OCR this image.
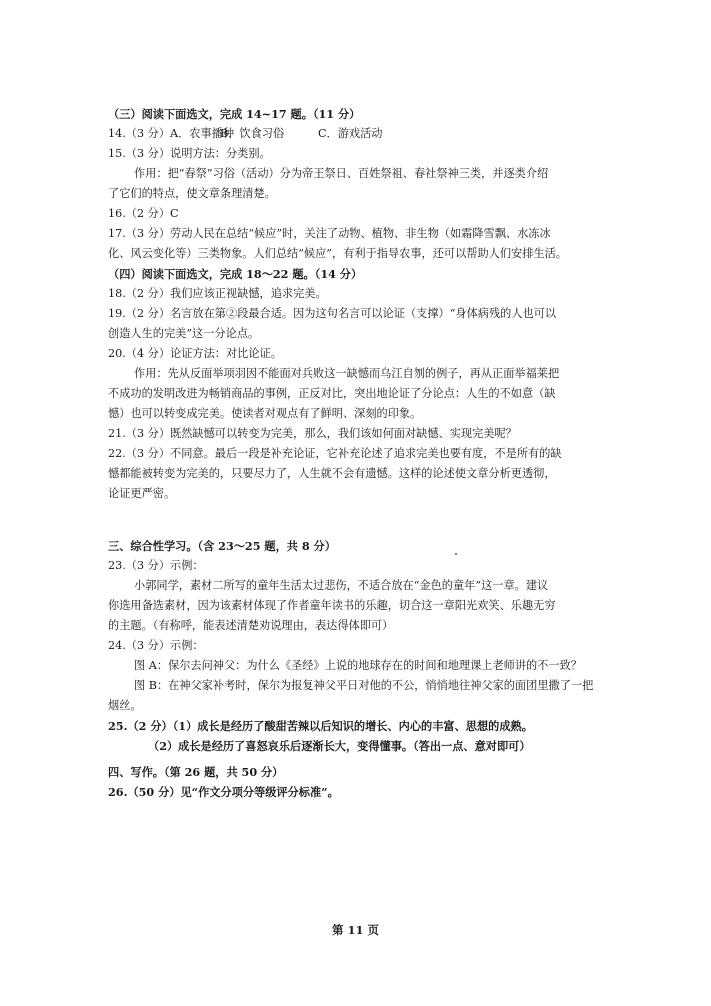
（三）阅读下面选文，完成 14~17 题。（11 分）
14.（3 分）A．农事播种B．饮食习俗	C．游戏活动
15.（3 分）说明方法：分类别。
作用：把“春祭”习俗（活动）分为帝王祭日、百姓祭祖、春社祭神三类，并逐类介绍
了它们的特点，使文章条理清楚。
16.（2 分）C
17.（3 分）劳动人民在总结“候应”时，关注了动物、植物、非生物（如霜降雪飘、水冻冰
化、风云变化等）三类物象。人们总结“候应”，有利于指导农事，还可以帮助人们安排生活。
（四）阅读下面选文，完成 18～22 题。（14 分）
18.（2 分）我们应该正视缺憾，追求完美。
19.（2 分）名言放在第②段最合适。因为这句名言可以论证（支撑）“身体病残的人也可以
创造人生的完美”这一分论点。
20.（4 分）论证方法：对比论证。
作用：先从反面举项羽因不能面对兵败这一缺憾而乌江自刎的例子，再从正面举福莱把
不成功的发明改进为畅销商品的事例，正反对比，突出地论证了分论点：人生的不如意（缺
憾）也可以转变成完美。使读者对观点有了鲜明、深刻的印象。
21.（3 分）既然缺憾可以转变为完美，那么，我们该如何面对缺憾、实现完美呢？
22.（3 分）不同意。最后一段是补充论证，它补充论述了追求完美也要有度，不是所有的缺
憾都能被转变为完美的，只要尽力了，人生就不会有遗憾。这样的论述使文章分析更透彻，
论证更严密。
三、综合性学习。（含 23～25 题，共 8 分）
23.（3 分）示例：
小郭同学，素材二所写的童年生活太过悲伤，不适合放在“金色的童年”这一章。建议
你选用备选素材，因为该素材体现了作者童年读书的乐趣，切合这一章阳光欢笑、乐趣无穷
的主题。（有称呼，能表述清楚劝说理由，表达得体即可）
24.（3 分）示例：
图 A：保尔去问神父：为什么《圣经》上说的地球存在的时间和地理课上老师讲的不一致？
图 B：在神父家补考时，保尔为报复神父平日对他的不公，悄悄地往神父家的面团里撒了一把
烟丝。
25.（2 分）（1）成长是经历了酸甜苦辣以后知识的增长、内心的丰富、思想的成熟。
（2）成长是经历了喜怒哀乐后逐渐长大，变得懂事。（答出一点、意对即可）
四、写作。（第 26 题，共 50 分）
26.（50 分）见“作文分项分等级评分标准”。
第 11 页
